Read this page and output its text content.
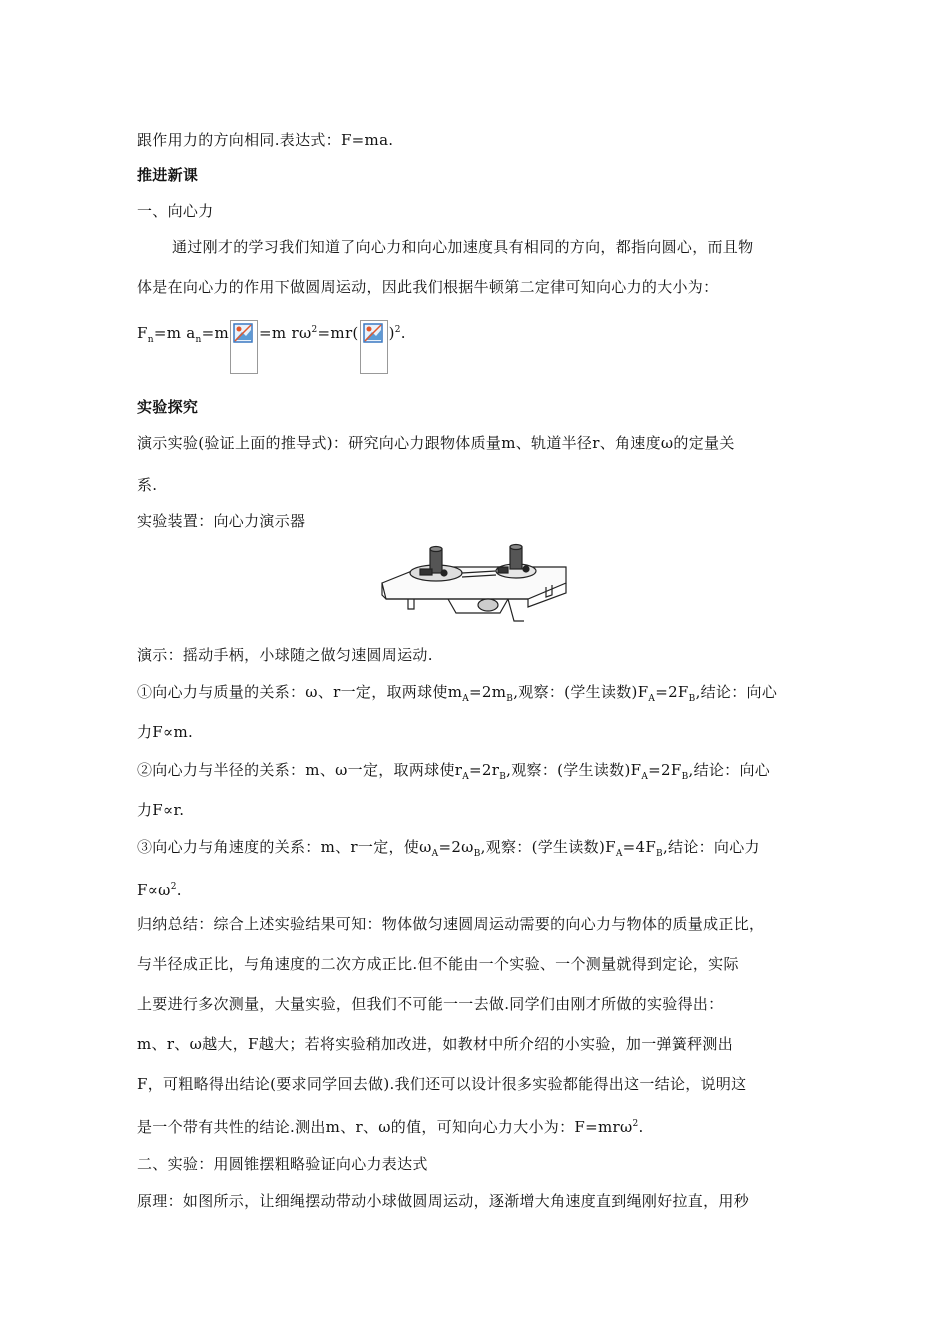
跟作用力的方向相同.表达式：F=ma.
推进新课
一、向心力
通过刚才的学习我们知道了向心力和向心加速度具有相同的方向，都指向圆心，而且物
体是在向心力的作用下做圆周运动，因此我们根据牛顿第二定律可知向心力的大小为：
$F_n=m$ $a_n=m =m$ $r\omega^2=mr$( )$^2$.
实验探究
演示实验(验证上面的推导式)：研究向心力跟物体质量m、轨道半径r、角速度ω的定量关
系.
实验装置：向心力演示器
演示：摇动手柄，小球随之做匀速圆周运动.
①向心力与质量的关系：ω、r一定，取两球使$m_A=2m_B$,观察：(学生读数)$F_A=2F_B$,结论：向心
力F∝m.
②向心力与半径的关系：m、ω一定，取两球使$r_A=2r_B$,观察：(学生读数)$F_A=2F_B$,结论：向心
力F∝r.
③向心力与角速度的关系：m、r一定，使$\omega_A=2\omega_B$,观察：(学生读数)$F_A=4F_B$,结论：向心力
$F\propto\omega^2$.
归纳总结：综合上述实验结果可知：物体做匀速圆周运动需要的向心力与物体的质量成正比，
与半径成正比，与角速度的二次方成正比.但不能由一个实验、一个测量就得到定论，实际
上要进行多次测量，大量实验，但我们不可能一一去做.同学们由刚才所做的实验得出：
m、r、ω越大，F越大；若将实验稍加改进，如教材中所介绍的小实验，加一弹簧秤测出
F，可粗略得出结论(要求同学回去做).我们还可以设计很多实验都能得出这一结论，说明这
是一个带有共性的结论.测出m、r、ω的值，可知向心力大小为：F=mrω$^2$.
二、实验：用圆锥摆粗略验证向心力表达式
原理：如图所示，让细绳摆动带动小球做圆周运动，逐渐增大角速度直到绳刚好拉直，用秒
